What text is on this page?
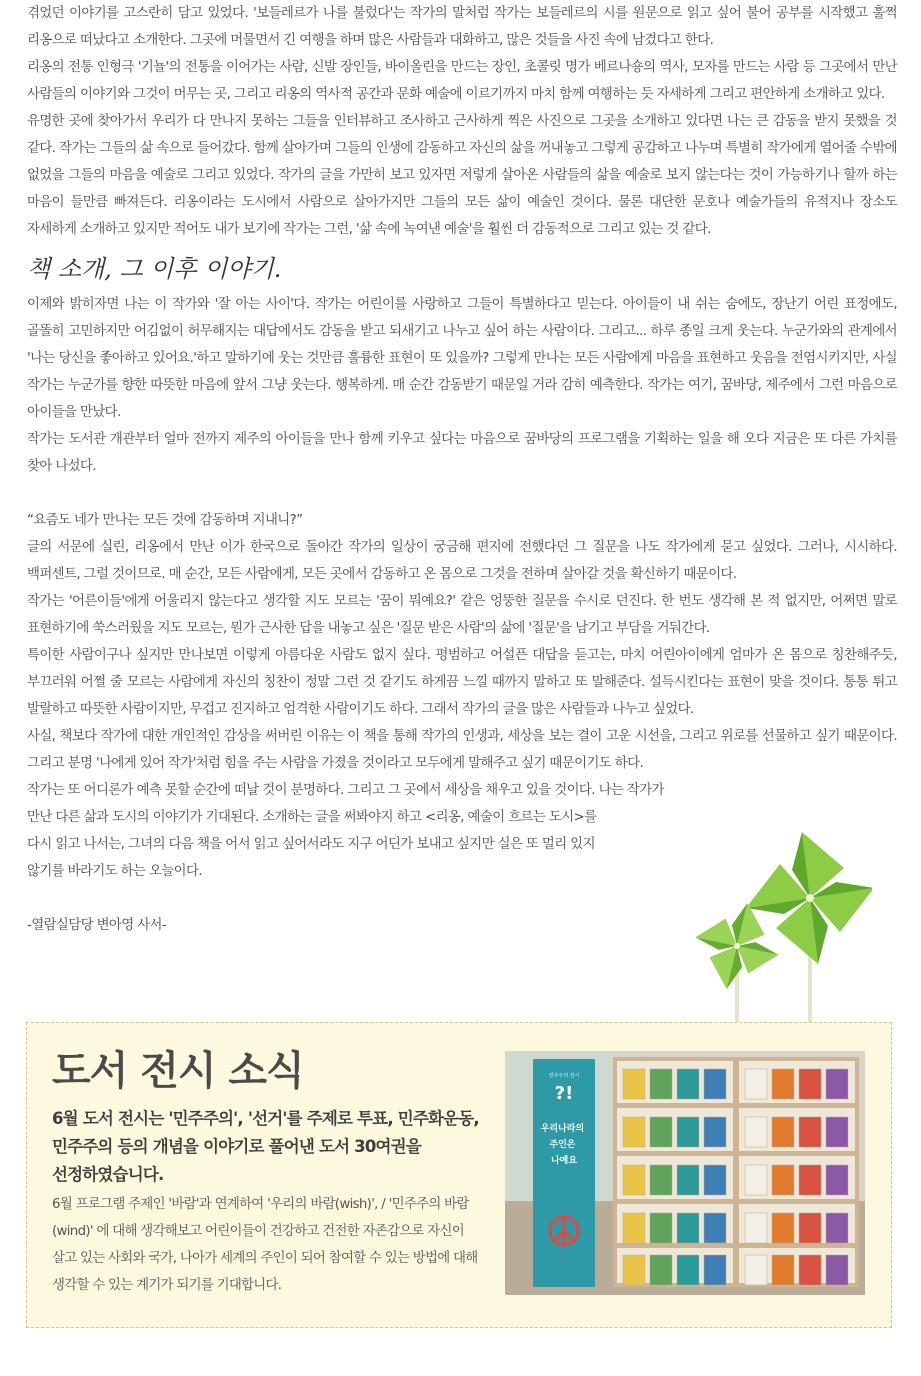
겪었던 이야기를 고스란히 담고 있었다. '보들레르가 나를 불렀다'는 작가의 말처럼 작가는 보들레르의 시를 원문으로 읽고 싶어 불어 공부를 시작했고 훌쩍 리옹으로 떠났다고 소개한다. 그곳에 머물면서 긴 여행을 하며 많은 사람들과 대화하고, 많은 것들을 사진 속에 남겼다고 한다.

리옹의 전통 인형극 '기뇰'의 전통을 이어가는 사람, 신발 장인들, 바이올린을 만드는 장인, 초콜릿 명가 베르나숑의 역사, 모자를 만드는 사람 등 그곳에서 만난 사람들의 이야기와 그것이 머무는 곳, 그리고 리옹의 역사적 공간과 문화 예술에 이르기까지 마치 함께 여행하는 듯 자세하게 그리고 편안하게 소개하고 있다.

유명한 곳에 찾아가서 우리가 다 만나지 못하는 그들을 인터뷰하고 조사하고 근사하게 찍은 사진으로 그곳을 소개하고 있다면 나는 큰 감동을 받지 못했을 것 같다. 작가는 그들의 삶 속으로 들어갔다. 함께 살아가며 그들의 인생에 감동하고 자신의 삶을 꺼내놓고 그렇게 공감하고 나누며 특별히 작가에게 열어줄 수밖에 없었을 그들의 마음을 예술로 그리고 있었다. 작가의 글을 가만히 보고 있자면 저렇게 살아온 사람들의 삶을 예술로 보지 않는다는 것이 가능하기나 할까 하는 마음이 들만큼 빠져든다. 리옹이라는 도시에서 사람으로 살아가지만 그들의 모든 삶이 예술인 것이다. 물론 대단한 문호나 예술가들의 유적지나 장소도 자세하게 소개하고 있지만 적어도 내가 보기에 작가는 그런, '삶 속에 녹여낸 예술'을 훨씬 더 감동적으로 그리고 있는 것 같다.

책 소개, 그 이후 이야기.

이제와 밝히자면 나는 이 작가와 '잘 아는 사이'다. 작가는 어린이를 사랑하고 그들이 특별하다고 믿는다. 아이들이 내 쉬는 숨에도, 장난기 어린 표정에도, 골똘히 고민하지만 어김없이 허무해지는 대답에서도 감동을 받고 되새기고 나누고 싶어 하는 사람이다. 그리고... 하루 종일 크게 웃는다. 누군가와의 관계에서 '나는 당신을 좋아하고 있어요.'하고 말하기에 웃는 것만큼 훌륭한 표현이 또 있을까? 그렇게 만나는 모든 사람에게 마음을 표현하고 웃음을 전염시키지만, 사실 작가는 누군가를 향한 따뜻한 마음에 앞서 그냥 웃는다. 행복하게. 매 순간 감동받기 때문일 거라 감히 예측한다. 작가는 여기, 꿈바당, 제주에서 그런 마음으로 아이들을 만났다.

작가는 도서관 개관부터 얼마 전까지 제주의 아이들을 만나 함께 키우고 싶다는 마음으로 꿈바당의 프로그램을 기획하는 일을 해 오다 지금은 또 다른 가치를 찾아 나섰다.

“요즘도 네가 만나는 모든 것에 감동하며 지내니?”

글의 서문에 실린, 리옹에서 만난 이가 한국으로 돌아간 작가의 일상이 궁금해 편지에 전했다던 그 질문을 나도 작가에게 묻고 싶었다. 그러나, 시시하다. 백퍼센트, 그럴 것이므로. 매 순간, 모든 사람에게, 모든 곳에서 감동하고 온 몸으로 그것을 전하며 살아갈 것을 확신하기 때문이다.

작가는 '어른이들'에게 어울리지 않는다고 생각할 지도 모르는 '꿈이 뭐예요?' 같은 엉뚱한 질문을 수시로 던진다. 한 번도 생각해 본 적 없지만, 어쩌면 말로 표현하기에 쑥스러웠을 지도 모르는, 뭔가 근사한 답을 내놓고 싶은 '질문 받은 사람'의 삶에 '질문'을 남기고 부담을 거둬간다.

특이한 사람이구나 싶지만 만나보면 이렇게 아름다운 사람도 없지 싶다. 평범하고 어설픈 대답을 듣고는, 마치 어린아이에게 엄마가 온 몸으로 칭찬해주듯, 부끄러워 어쩔 줄 모르는 사람에게 자신의 칭찬이 정말 그런 것 같기도 하게끔 느낄 때까지 말하고 또 말해준다. 설득시킨다는 표현이 맞을 것이다. 통통 튀고 발랄하고 따뜻한 사람이지만, 무겁고 진지하고 엄격한 사람이기도 하다. 그래서 작가의 글을 많은 사람들과 나누고 싶었다.

사실, 책보다 작가에 대한 개인적인 감상을 써버린 이유는 이 책을 통해 작가의 인생과, 세상을 보는 결이 고운 시선을, 그리고 위로를 선물하고 싶기 때문이다. 그리고 분명 '나에게 있어 작가'처럼 힘을 주는 사람을 가졌을 것이라고 모두에게 말해주고 싶기 때문이기도 하다.

작가는 또 어디론가 예측 못할 순간에 떠날 것이 분명하다. 그리고 그 곳에서 세상을 채우고 있을 것이다. 나는 작가가

만난 다른 삶과 도시의 이야기가 기대된다. 소개하는 글을 써봐야지 하고 <리옹, 예술이 흐르는 도시>를

다시 읽고 나서는, 그녀의 다음 책을 어서 읽고 싶어서라도 지구 어딘가 보내고 싶지만 실은 또 멀리 있지

않기를 바라기도 하는 오늘이다.

-열람실담당 변아영 사서-

도서 전시 소식

6월 도서 전시는 '민주주의', '선거'를 주제로 투표, 민주화운동, 민주주의 등의 개념을 이야기로 풀어낸 도서 30여권을 선정하였습니다.

6월 프로그램 주제인 '바람'과 연계하여 '우리의 바람(wish)', / '민주주의 바람(wind)' 에 대해 생각해보고 어린이들이 건강하고 건전한 자존감으로 자신이 살고 있는 사회와 국가, 나아가 세계의 주인이 되어 참여할 수 있는 방법에 대해 생각할 수 있는 계기가 되기를 기대합니다.

민주주의 전시
?!
우리나라의 주인은 나예요
